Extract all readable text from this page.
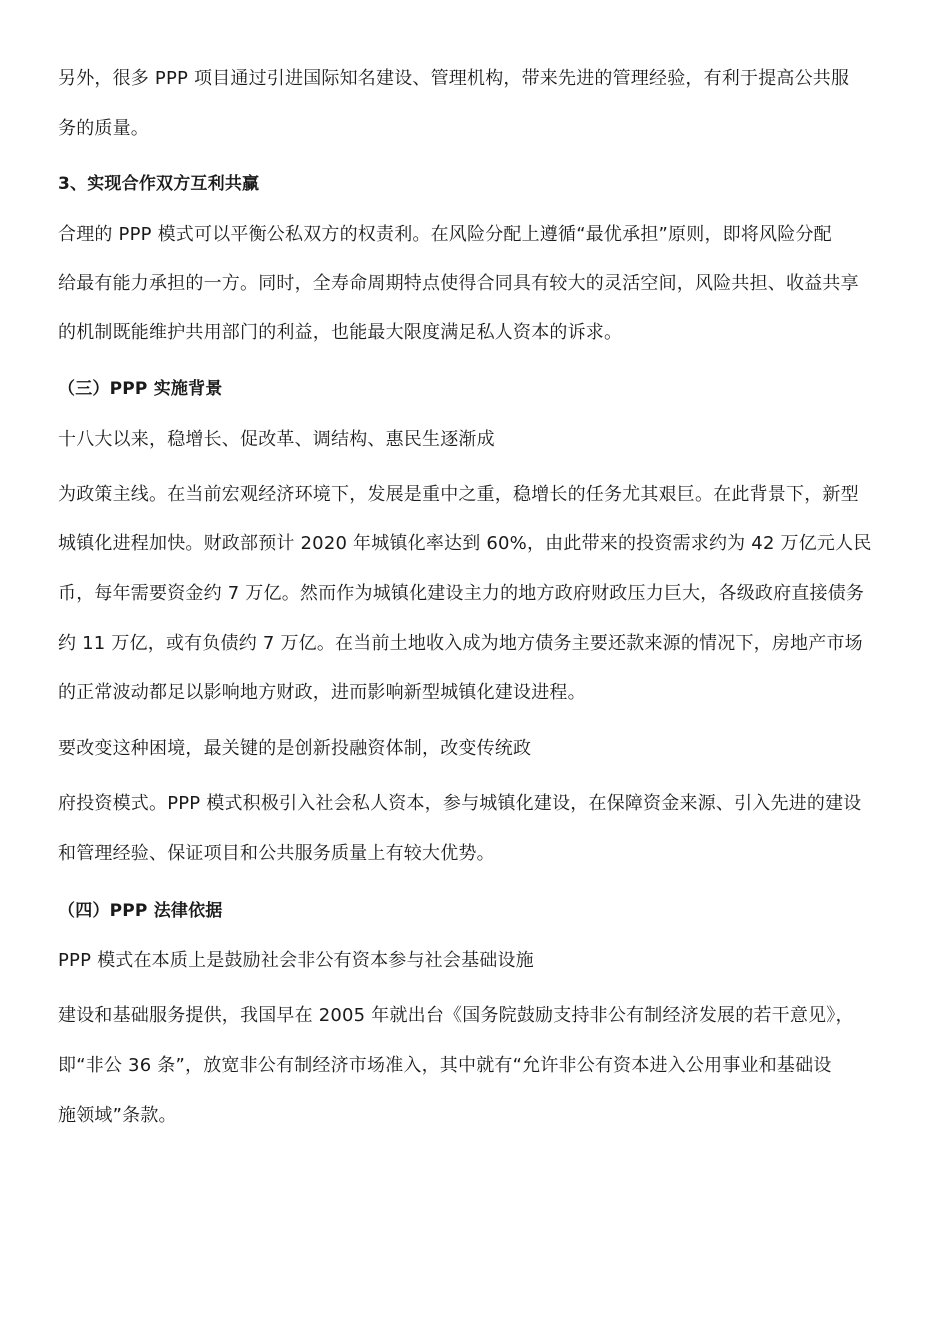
另外，很多 PPP 项目通过引进国际知名建设、管理机构，带来先进的管理经验，有利于提高公共服
务的质量。
3、实现合作双方互利共赢
合理的 PPP 模式可以平衡公私双方的权责利。在风险分配上遵循“最优承担”原则，即将风险分配
给最有能力承担的一方。同时，全寿命周期特点使得合同具有较大的灵活空间，风险共担、收益共享
的机制既能维护共用部门的利益，也能最大限度满足私人资本的诉求。
（三）PPP 实施背景
十八大以来，稳增长、促改革、调结构、惠民生逐渐成
为政策主线。在当前宏观经济环境下，发展是重中之重，稳增长的任务尤其艰巨。在此背景下，新型
城镇化进程加快。财政部预计 2020 年城镇化率达到 60%，由此带来的投资需求约为 42 万亿元人民
币，每年需要资金约 7 万亿。然而作为城镇化建设主力的地方政府财政压力巨大，各级政府直接债务
约 11 万亿，或有负债约 7 万亿。在当前土地收入成为地方债务主要还款来源的情况下，房地产市场
的正常波动都足以影响地方财政，进而影响新型城镇化建设进程。
要改变这种困境，最关键的是创新投融资体制，改变传统政
府投资模式。PPP 模式积极引入社会私人资本，参与城镇化建设，在保障资金来源、引入先进的建设
和管理经验、保证项目和公共服务质量上有较大优势。
（四）PPP 法律依据
PPP 模式在本质上是鼓励社会非公有资本参与社会基础设施
建设和基础服务提供，我国早在 2005 年就出台《国务院鼓励支持非公有制经济发展的若干意见》，
即“非公 36 条”，放宽非公有制经济市场准入，其中就有“允许非公有资本进入公用事业和基础设
施领域”条款。
